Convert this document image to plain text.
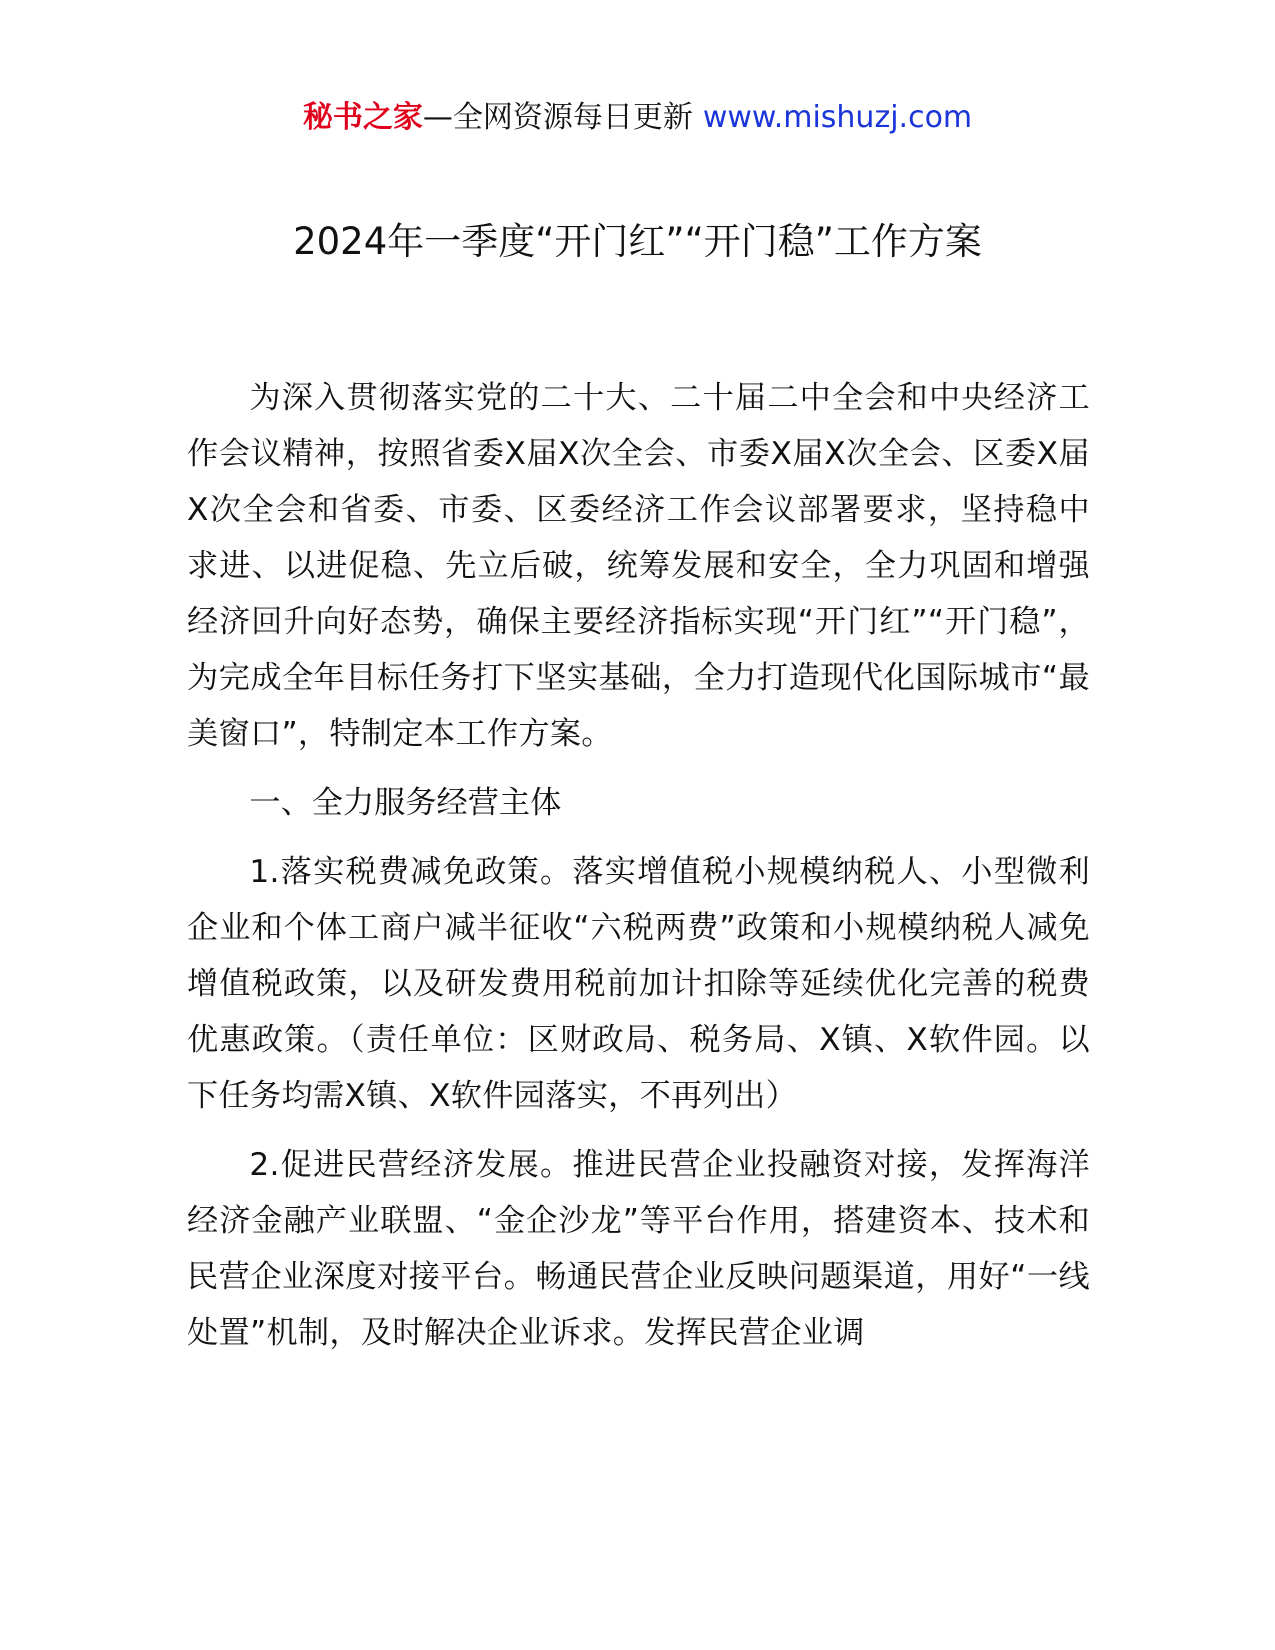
秘书之家—全网资源每日更新 www.mishuzj.com
2024年一季度“开门红”“开门稳”工作方案

为深入贯彻落实党的二十大、二十届二中全会和中央经济工作会议精神，按照省委X届X次全会、市委X届X次全会、区委X届X次全会和省委、市委、区委经济工作会议部署要求，坚持稳中求进、以进促稳、先立后破，统筹发展和安全，全力巩固和增强经济回升向好态势，确保主要经济指标实现“开门红”“开门稳”，为完成全年目标任务打下坚实基础，全力打造现代化国际城市“最美窗口”，特制定本工作方案。

一、全力服务经营主体

1.落实税费减免政策。落实增值税小规模纳税人、小型微利企业和个体工商户减半征收“六税两费”政策和小规模纳税人减免增值税政策，以及研发费用税前加计扣除等延续优化完善的税费优惠政策。（责任单位：区财政局、税务局、X镇、X软件园。以下任务均需X镇、X软件园落实，不再列出）

2.促进民营经济发展。推进民营企业投融资对接，发挥海洋经济金融产业联盟、“金企沙龙”等平台作用，搭建资本、技术和民营企业深度对接平台。畅通民营企业反映问题渠道，用好“一线处置”机制，及时解决企业诉求。发挥民营企业调
